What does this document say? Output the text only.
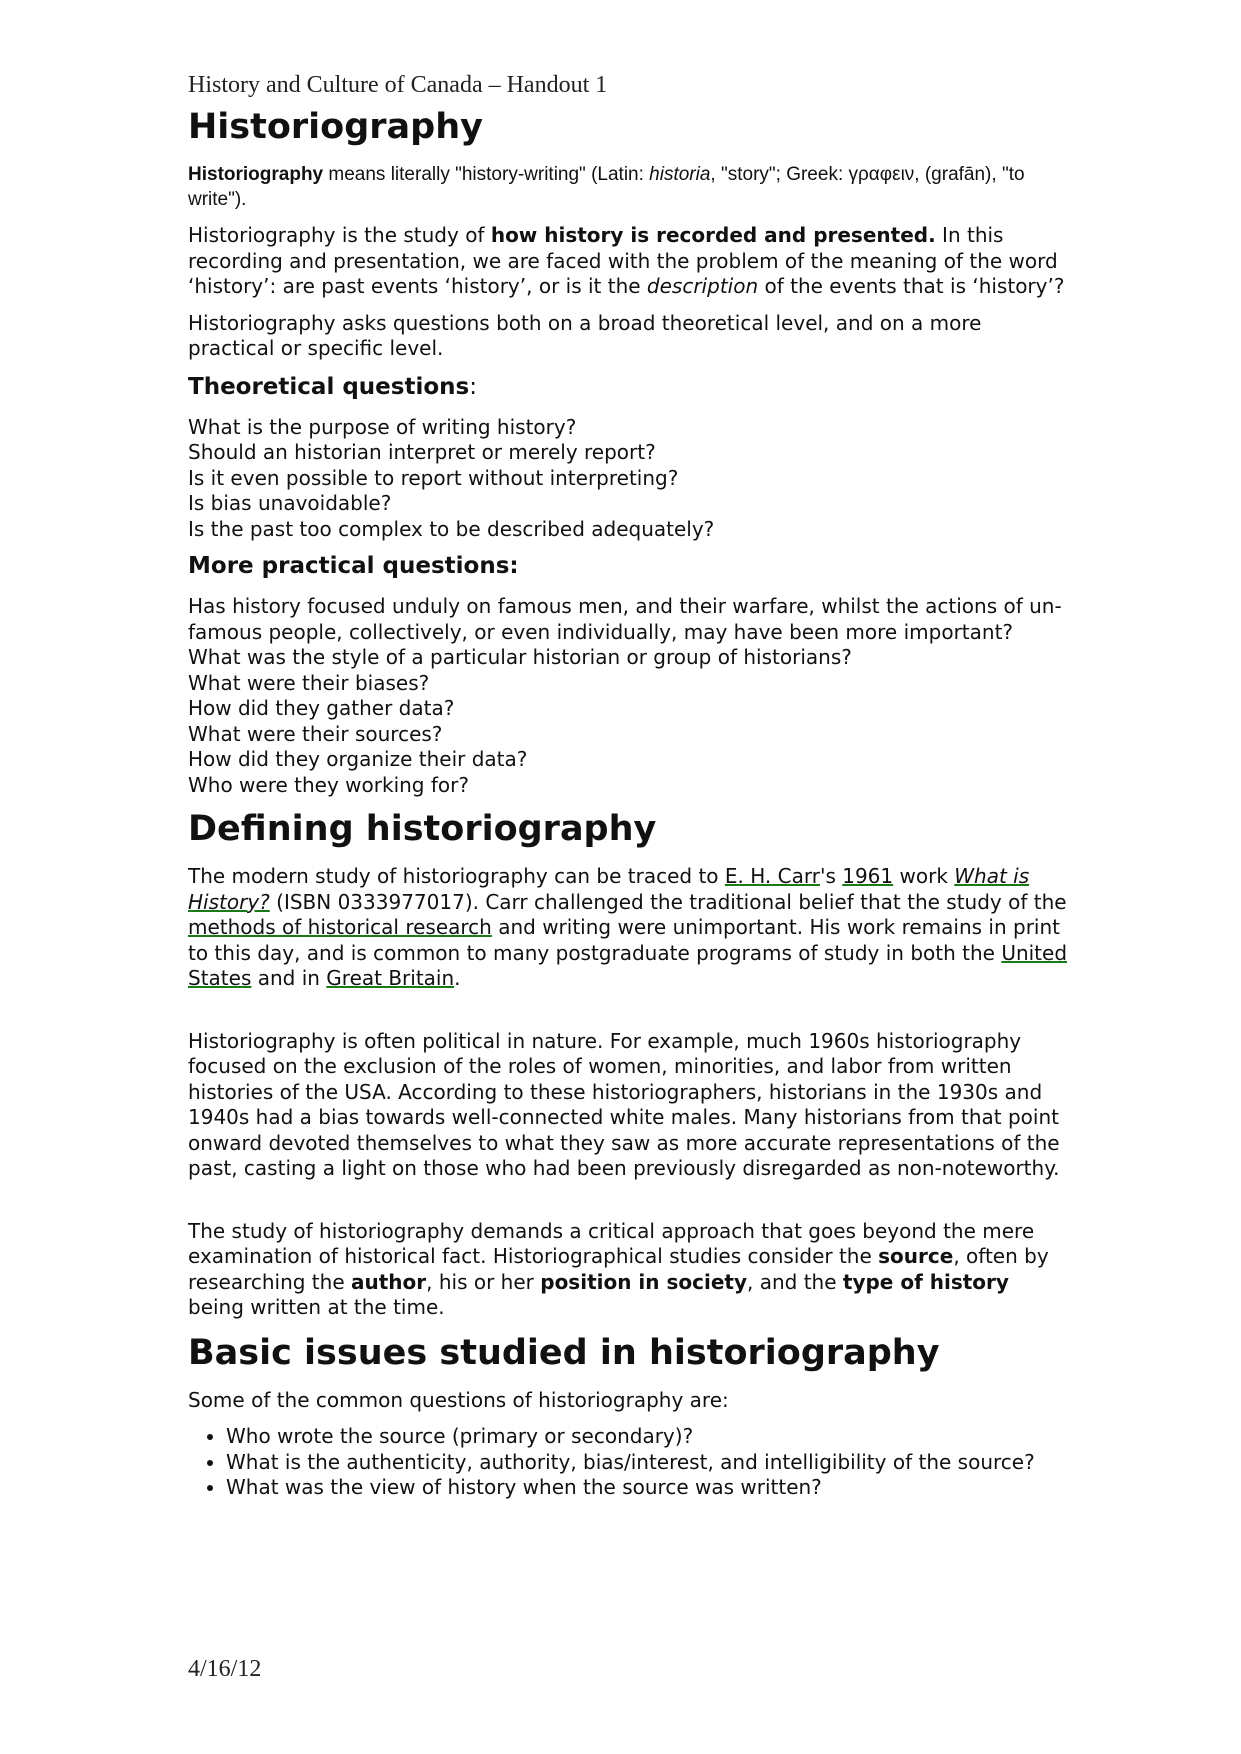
History and Culture of Canada – Handout 1
Historiography

Historiography means literally "history-writing" (Latin: historia, "story"; Greek: γραφειν, (grafān), "to write").

Historiography is the study of how history is recorded and presented. In this recording and presentation, we are faced with the problem of the meaning of the word ‘history’: are past events ‘history’, or is it the description of the events that is ‘history’?

Historiography asks questions both on a broad theoretical level, and on a more practical or specific level.

Theoretical questions:
What is the purpose of writing history?
Should an historian interpret or merely report?
Is it even possible to report without interpreting?
Is bias unavoidable?
Is the past too complex to be described adequately?
More practical questions:
Has history focused unduly on famous men, and their warfare, whilst the actions of un-famous people, collectively, or even individually, may have been more important?
What was the style of a particular historian or group of historians?
What were their biases?
How did they gather data?
What were their sources?
How did they organize their data?
Who were they working for?
Defining historiography

The modern study of historiography can be traced to E. H. Carr's 1961 work What is History? (ISBN 0333977017). Carr challenged the traditional belief that the study of the methods of historical research and writing were unimportant. His work remains in print to this day, and is common to many postgraduate programs of study in both the United States and in Great Britain.

Historiography is often political in nature. For example, much 1960s historiography focused on the exclusion of the roles of women, minorities, and labor from written histories of the USA. According to these historiographers, historians in the 1930s and 1940s had a bias towards well-connected white males. Many historians from that point onward devoted themselves to what they saw as more accurate representations of the past, casting a light on those who had been previously disregarded as non-noteworthy.

The study of historiography demands a critical approach that goes beyond the mere examination of historical fact. Historiographical studies consider the source, often by researching the author, his or her position in society, and the type of history being written at the time.

Basic issues studied in historiography

Some of the common questions of historiography are:

• Who wrote the source (primary or secondary)?
• What is the authenticity, authority, bias/interest, and intelligibility of the source?
• What was the view of history when the source was written?
4/16/12
